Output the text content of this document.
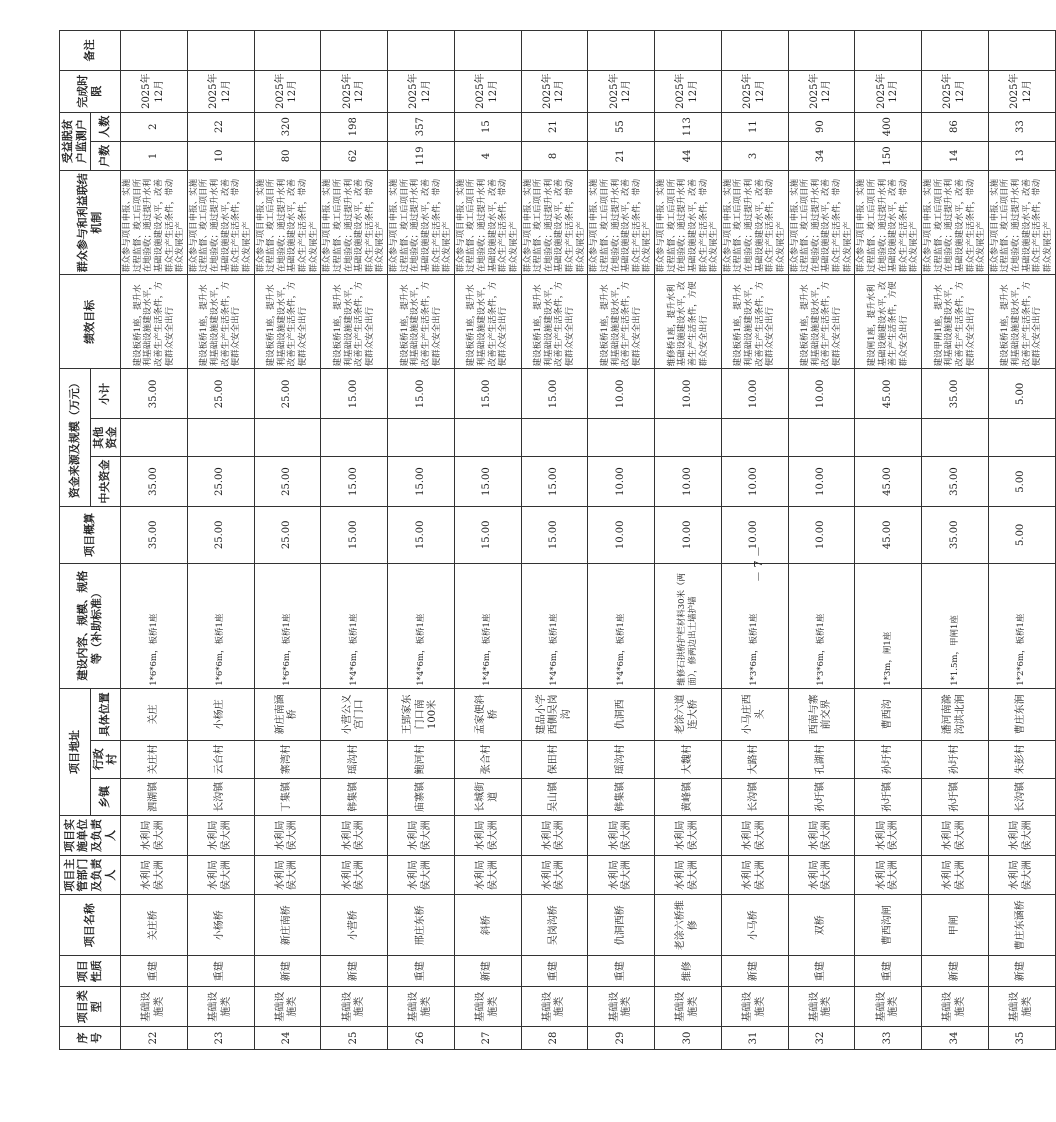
序号	项目类型	项目性质	项目名称	项目主管部门及负责人	项目实施单位及负责人	项目地址			建设内容、规模、规格等（补助标准）	项目概算	资金来源及规模（万元）			绩效目标	群众参与和利益联结机制	受益脱贫户监测户		完成时限	备注
						乡镇	行政村	具体位置			中央资金	其他资金	小计			户数	人数		
22	基础设施类	重建	关庄桥	水利局侯大洲	水利局侯大洲	泗湖镇	关庄村	关庄	1*6*6m，板桥1座	35.00	35.00		35.00	建设板桥1座，提升水利基础设施建设水平，改善生产生活条件，方便群众安全出行	群众参与项目申报、实施过程监督、竣工后项目所在地验收；通过提升水利基础设施建设水平，改善群众生产生活条件，带动群众发展生产	1	2	2025年12月	
23	基础设施类	重建	小杨桥	水利局侯大洲	水利局侯大洲	长沟镇	云台村	小杨庄	1*6*6m，板桥1座	25.00	25.00		25.00	建设板桥1座，提升水利基础设施建设水平，改善生产生活条件，方便群众安全出行	群众参与项目申报、实施过程监督、竣工后项目所在地验收；通过提升水利基础设施建设水平，改善群众生产生活条件，带动群众发展生产	10	22	2025年12月	
24	基础设施类	新建	新庄南桥	水利局侯大洲	水利局侯大洲	丁集镇	寨湾村	新庄南涵桥	1*6*6m，板桥1座	25.00	25.00		25.00	建设板桥1座，提升水利基础设施建设水平，改善生产生活条件，方便群众安全出行	群众参与项目申报、实施过程监督、竣工后项目所在地验收；通过提升水利基础设施建设水平，改善群众生产生活条件，带动群众发展生产	80	320	2025年12月	
25	基础设施类	新建	小营桥	水利局侯大洲	水利局侯大洲	韩集镇	瑶沟村	小营公义宫门口	1*4*6m，板桥1座	15.00	15.00		15.00	建设板桥1座，提升水利基础设施建设水平，改善生产生活条件，方便群众安全出行	群众参与项目申报、实施过程监督、竣工后项目所在地验收；通过提升水利基础设施建设水平，改善群众生产生活条件，带动群众发展生产	62	198	2025年12月	
26	基础设施类	重建	邢庄东桥	水利局侯大洲	水利局侯大洲	庙寨镇	鲍河村	王郢家东门口南100米	1*4*6m，板桥1座	15.00	15.00		15.00	建设板桥1座，提升水利基础设施建设水平，改善生产生活条件，方便群众安全出行	群众参与项目申报、实施过程监督、竣工后项目所在地验收；通过提升水利基础设施建设水平，改善群众生产生活条件，带动群众发展生产	119	357	2025年12月	
27	基础设施类	新建	斜桥	水利局侯大洲	水利局侯大洲	长城街道	张合村	孟家便斜桥	1*4*6m，板桥1座	15.00	15.00		15.00	建设板桥1座，提升水利基础设施建设水平，改善生产生活条件，方便群众安全出行	群众参与项目申报、实施过程监督、竣工后项目所在地验收；通过提升水利基础设施建设水平，改善群众生产生活条件，带动群众发展生产	4	15	2025年12月	
28	基础设施类	重建	吴岗沟桥	水利局侯大洲	水利局侯大洲	吴山镇	保田村	建品小学西侧吴岗沟	1*4*6m，板桥1座	15.00	15.00		15.00	建设板桥1座，提升水利基础设施建设水平，改善生产生活条件，方便群众安全出行	群众参与项目申报、实施过程监督、竣工后项目所在地验收；通过提升水利基础设施建设水平，改善群众生产生活条件，带动群众发展生产	8	21	2025年12月	
29	基础设施类	重建	仇洞西桥	水利局侯大洲	水利局侯大洲	韩集镇	瑶沟村	仇洞西	1*4*6m，板桥1座	10.00	10.00		10.00	建设板桥1座，提升水利基础设施建设水平，改善生产生活条件，方便群众安全出行	群众参与项目申报、实施过程监督、竣工后项目所在地验收；通过提升水利基础设施建设水平，改善群众生产生活条件，带动群众发展生产	21	55	2025年12月	
30	基础设施类	维修	老涂六桥维修	水利局侯大洲	水利局侯大洲	黄峰镇	大魏村	老涂六道连大桥	维修石拱桥护栏材料30米（两面），修两边出土墙护墙	10.00	10.00		10.00	维修桥1座，提升水利基础设施建设水平，改善生产生活条件，方便群众安全出行	群众参与项目申报、实施过程监督、竣工后项目所在地验收；通过提升水利基础设施建设水平，改善群众生产生活条件，带动群众发展生产	44	113	2025年12月	
31	基础设施类	新建	小马桥	水利局侯大洲	水利局侯大洲	长沟镇	大路村	小马庄西头	1*3*6m，板桥1座	10.00	10.00		10.00	建设板桥1座，提升水利基础设施建设水平，改善生产生活条件，方便群众安全出行	群众参与项目申报、实施过程监督、竣工后项目所在地验收；通过提升水利基础设施建设水平，改善群众生产生活条件，带动群众发展生产	3	11	2025年12月	
32	基础设施类	重建	双桥	水利局侯大洲	水利局侯大洲	孙圩镇	孔湖村	西南与寨前交界	1*3*6m，板桥1座	10.00	10.00		10.00	建设板桥1座，提升水利基础设施建设水平，改善生产生活条件，方便群众安全出行	群众参与项目申报、实施过程监督、竣工后项目所在地验收；通过提升水利基础设施建设水平，改善群众生产生活条件，带动群众发展生产	34	90	2025年12月	
33	基础设施类	重建	曹西沟闸	水利局侯大洲	水利局侯大洲	孙圩镇	孙圩村	曹西沟	1*3m，闸1座	45.00	45.00		45.00	建设闸1座，提升水利基础设施建设水平，改善生产生活条件，方便群众安全出行	群众参与项目申报、实施过程监督、竣工后项目所在地验收；通过提升水利基础设施建设水平，改善群众生产生活条件，带动群众发展生产	150	400	2025年12月	
34	基础设施类	新建	甲闸	水利局侯大洲	水利局侯大洲	孙圩镇	孙圩村	潘河南滁沟洪北涧	1*1.5m，甲闸1座	35.00	35.00		35.00	建设甲闸1座，提升水利基础设施建设水平，改善生产生活条件，方便群众安全出行	群众参与项目申报、实施过程监督、竣工后项目所在地验收；通过提升水利基础设施建设水平，改善群众生产生活条件，带动群众发展生产	14	86	2025年12月	
35	基础设施类	新建	曹庄东涵桥	水利局侯大洲	水利局侯大洲	长沟镇	朱彭村	曹庄东涧	1*2*6m，板桥1座	5.00	5.00		5.00	建设板桥1座，提升水利基础设施建设水平，改善生产生活条件，方便群众安全出行	群众参与项目申报、实施过程监督、竣工后项目所在地验收；通过提升水利基础设施建设水平，改善群众生产生活条件，带动群众发展生产	13	33	2025年12月	
－ 7 －
